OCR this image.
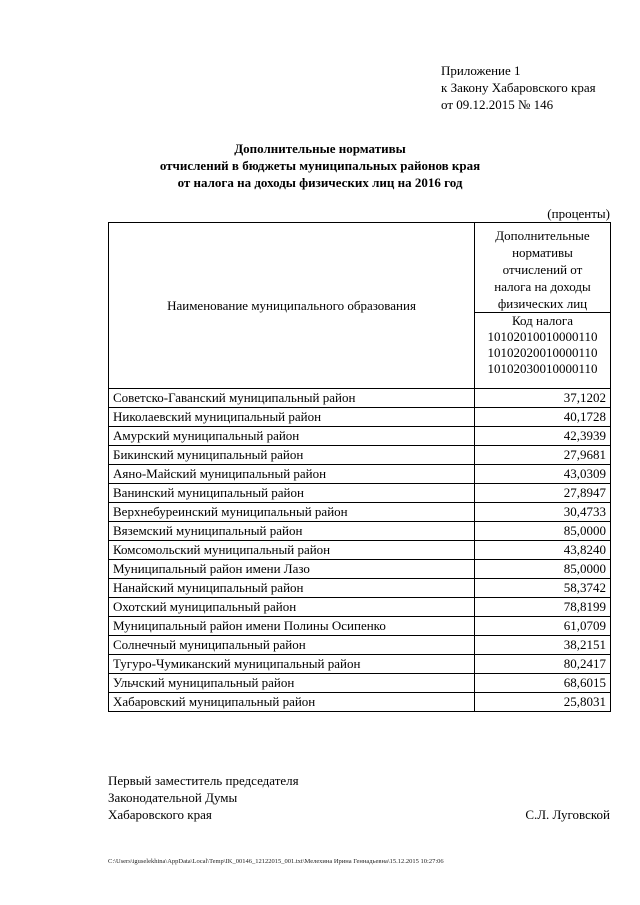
Приложение 1
к Закону Хабаровского края
от 09.12.2015 № 146
Дополнительные нормативы
отчислений в бюджеты муниципальных районов края
от налога на доходы физических лиц на 2016 год
(проценты)
Наименование муниципального образования	Дополнительные
нормативы
отчислений от
налога на доходы
физических лиц

	Код налога
10102010010000110
10102020010000110
10102030010000110

Советско-Гаванский муниципальный район	37,1202
Николаевский муниципальный район	40,1728
Амурский муниципальный район	42,3939
Бикинский муниципальный район	27,9681
Аяно-Майский муниципальный район	43,0309
Ванинский муниципальный район	27,8947
Верхнебуреинский муниципальный район	30,4733
Вяземский муниципальный район	85,0000
Комсомольский муниципальный район	43,8240
Муниципальный район имени Лазо	85,0000
Нанайский муниципальный район	58,3742
Охотский муниципальный район	78,8199
Муниципальный район имени Полины Осипенко	61,0709
Солнечный муниципальный район	38,2151
Тугуро-Чумиканский муниципальный район	80,2417
Ульчский муниципальный район	68,6015
Хабаровский муниципальный район	25,8031
Первый заместитель председателя
Законодательной Думы
Хабаровского края	С.Л. Луговской
C:\Users\iguselekhina\AppData\Local\Temp\IK_00146_12122015_001.txt\Мелехина Ирина Геннадьевна\15.12.2015 10:27:06
